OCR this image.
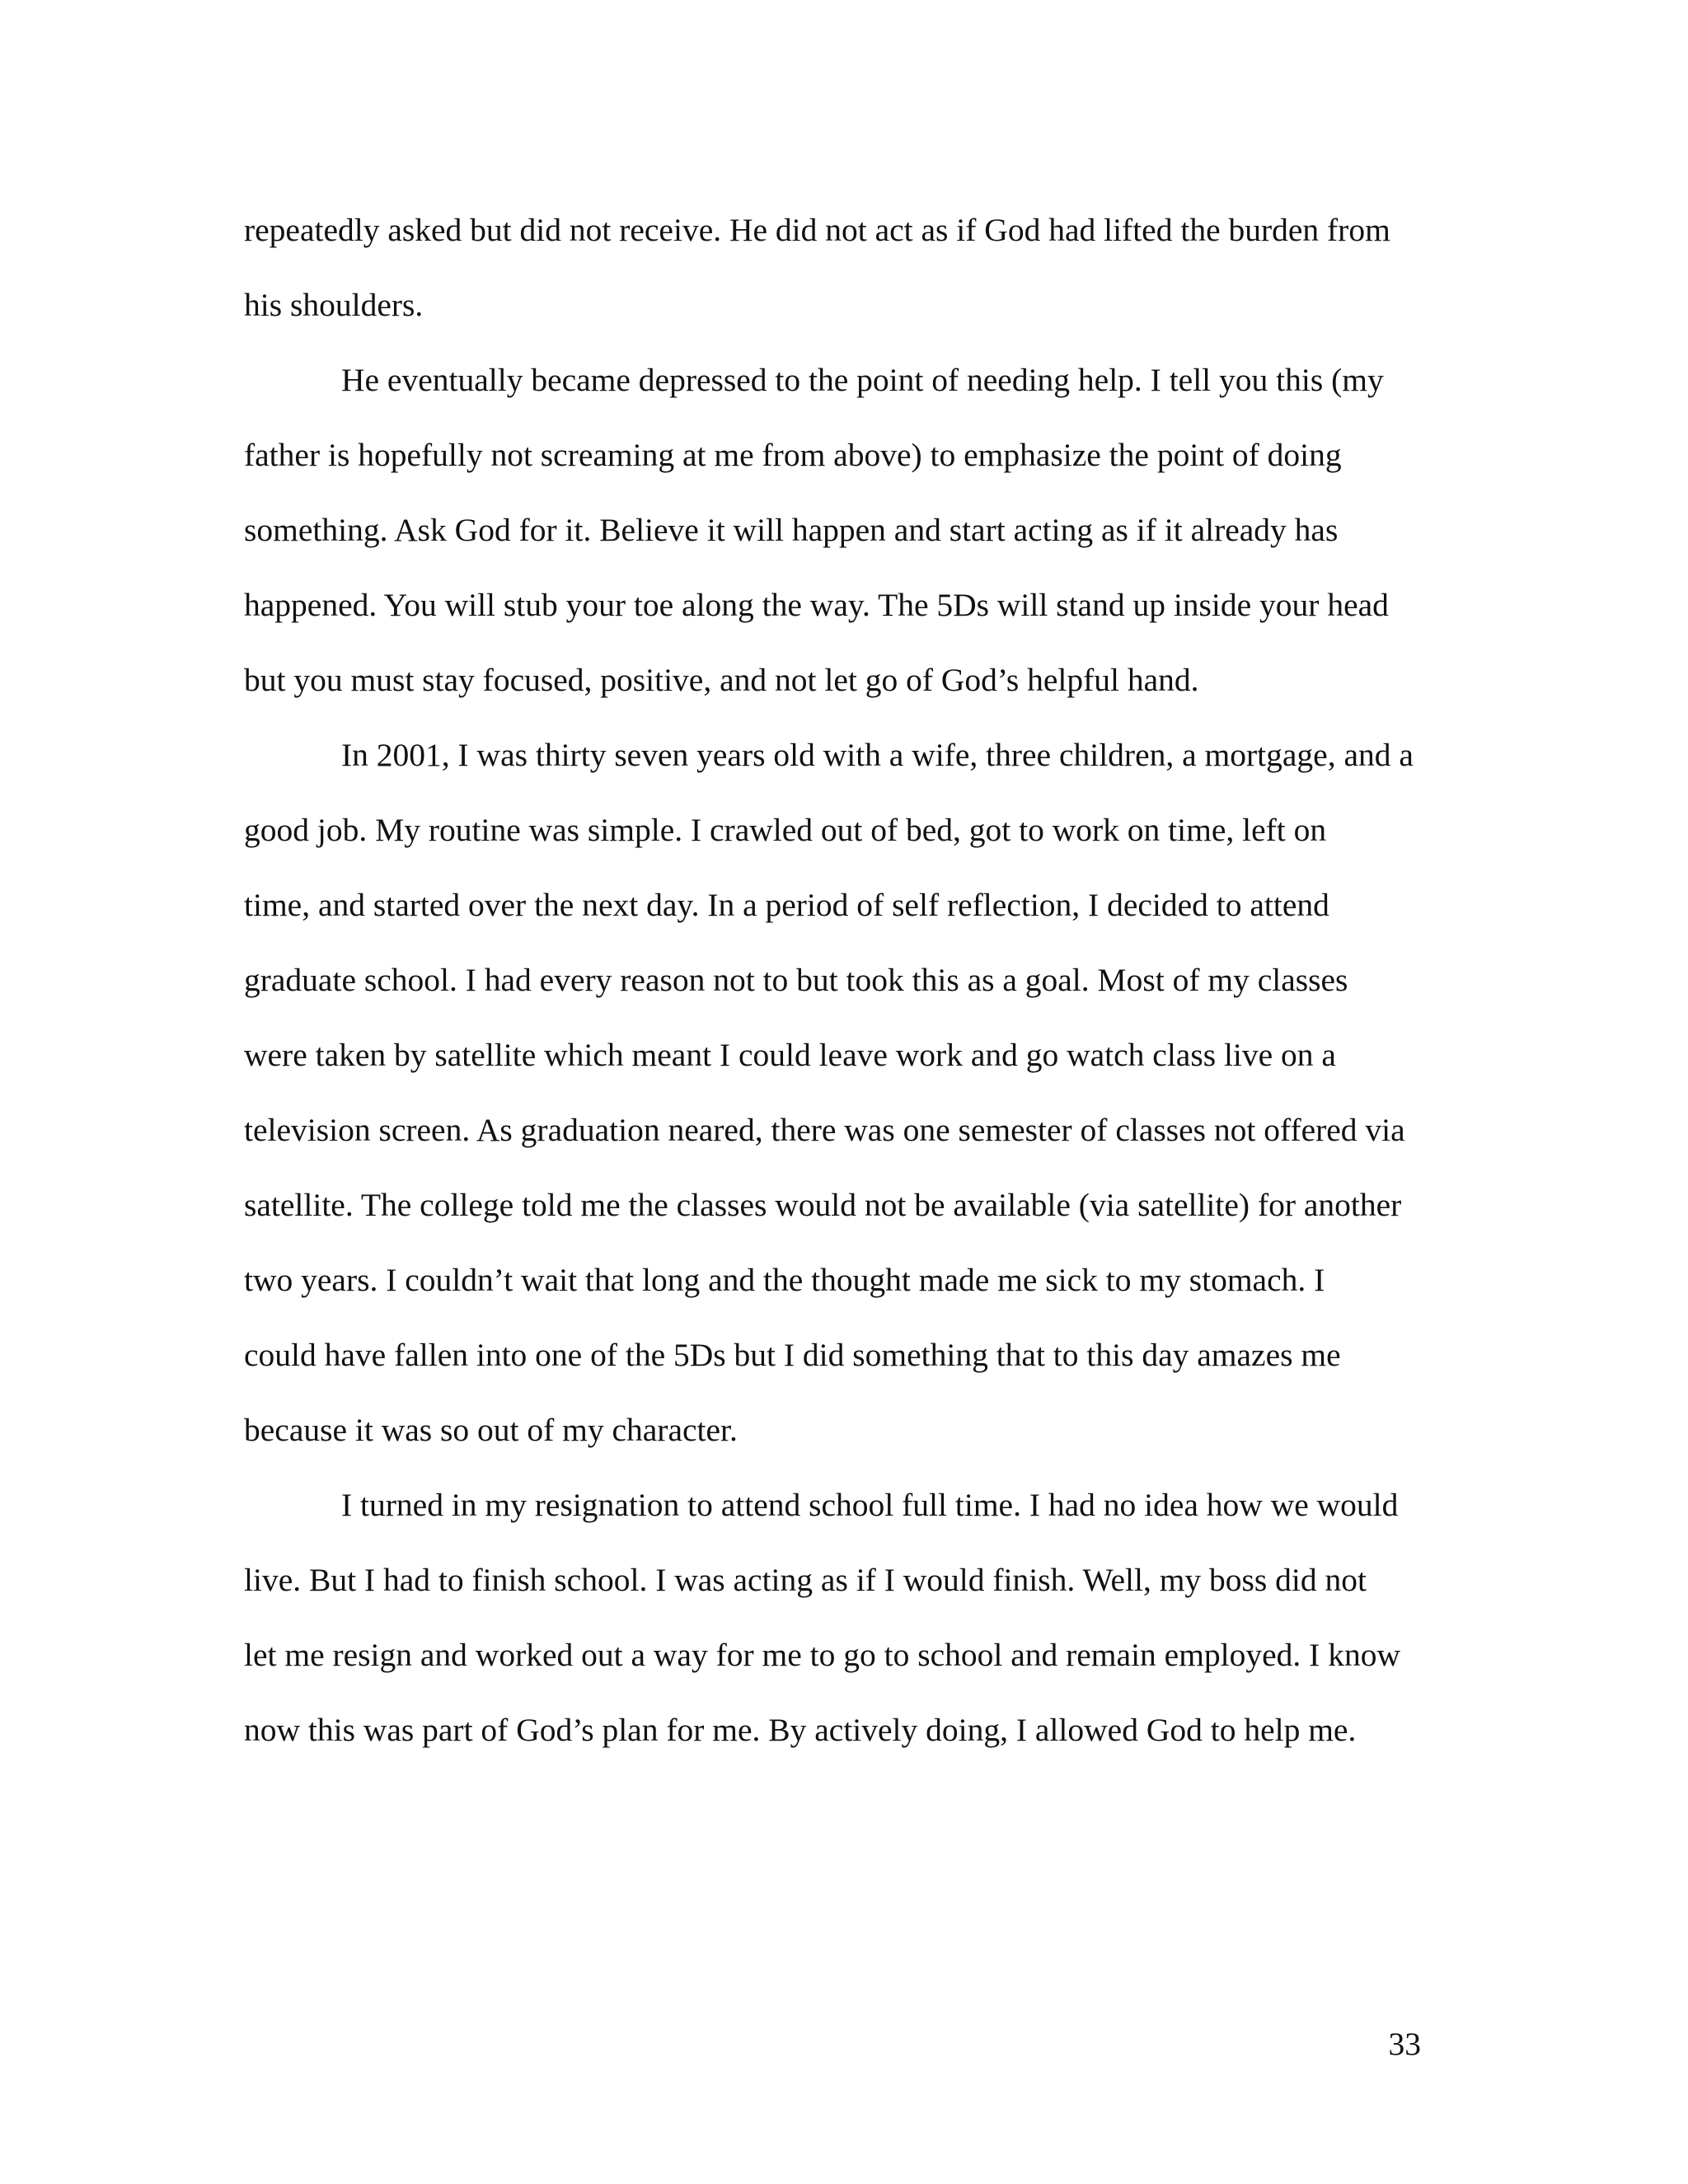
repeatedly asked but did not receive. He did not act as if God had lifted the burden from
his shoulders.

He eventually became depressed to the point of needing help. I tell you this (my
father is hopefully not screaming at me from above) to emphasize the point of doing
something. Ask God for it. Believe it will happen and start acting as if it already has
happened. You will stub your toe along the way. The 5Ds will stand up inside your head
but you must stay focused, positive, and not let go of God’s helpful hand.

In 2001, I was thirty seven years old with a wife, three children, a mortgage, and a
good job. My routine was simple. I crawled out of bed, got to work on time, left on
time, and started over the next day. In a period of self reflection, I decided to attend
graduate school. I had every reason not to but took this as a goal. Most of my classes
were taken by satellite which meant I could leave work and go watch class live on a
television screen. As graduation neared, there was one semester of classes not offered via
satellite. The college told me the classes would not be available (via satellite) for another
two years. I couldn’t wait that long and the thought made me sick to my stomach. I
could have fallen into one of the 5Ds but I did something that to this day amazes me
because it was so out of my character.

I turned in my resignation to attend school full time. I had no idea how we would
live. But I had to finish school. I was acting as if I would finish. Well, my boss did not
let me resign and worked out a way for me to go to school and remain employed. I know
now this was part of God’s plan for me. By actively doing, I allowed God to help me.

33
